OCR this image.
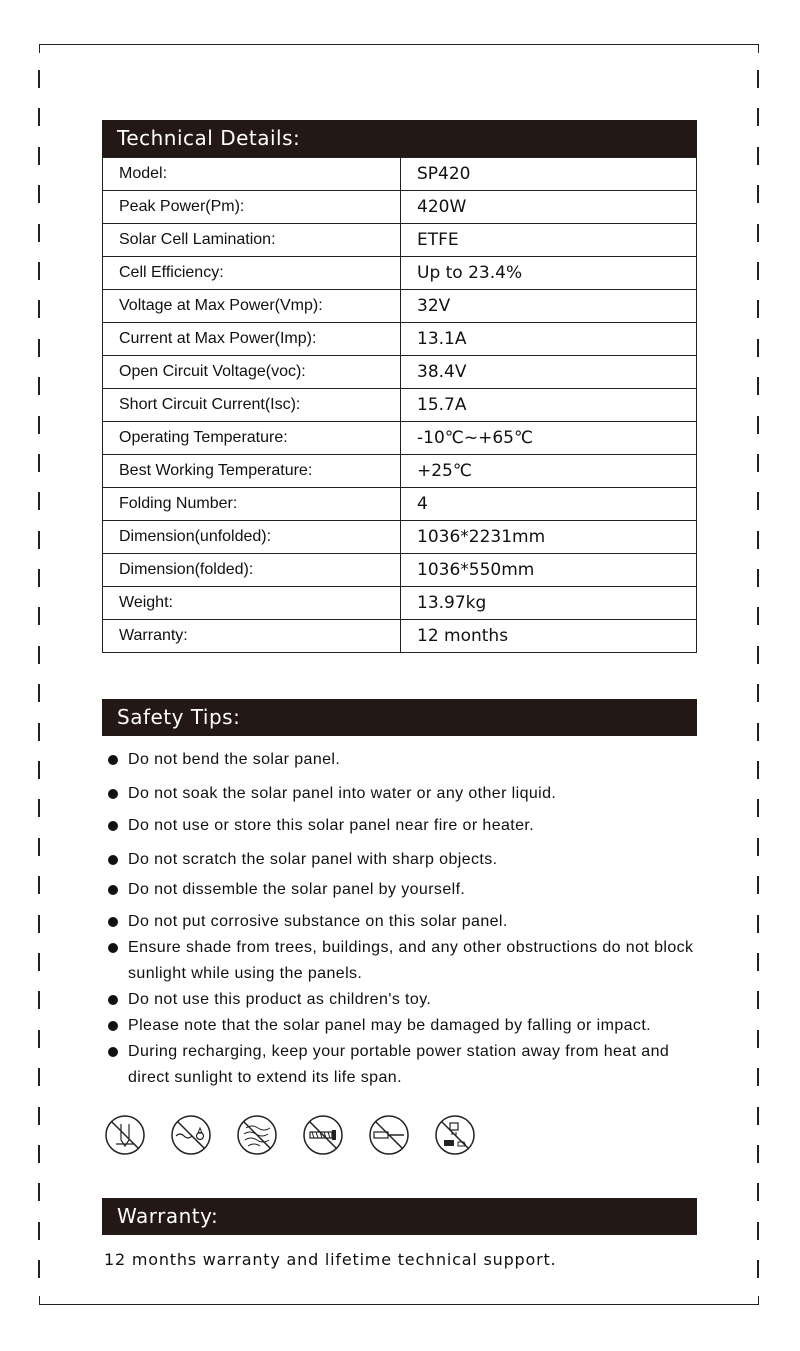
Technical Details:
Model:	SP420
Peak Power(Pm):	420W
Solar Cell Lamination:	ETFE
Cell Efficiency:	Up to 23.4%
Voltage at Max Power(Vmp):	32V
Current at Max Power(Imp):	13.1A
Open Circuit Voltage(voc):	38.4V
Short Circuit Current(Isc):	15.7A
Operating Temperature:	-10℃~+65℃
Best Working Temperature:	+25℃
Folding Number:	4
Dimension(unfolded):	1036*2231mm
Dimension(folded):	1036*550mm
Weight:	13.97kg
Warranty:	12 months
Safety Tips:
Do not bend the solar panel.
Do not soak the solar panel into water or any other liquid.
Do not use or store this solar panel near fire or heater.
Do not scratch the solar panel with sharp objects.
Do not dissemble the solar panel by yourself.
Do not put corrosive substance on this solar panel.
Ensure shade from trees, buildings, and any other obstructions do not block sunlight while using the panels.
Do not use this product as children's toy.
Please note that the solar panel may be damaged by falling or impact.
During recharging, keep your portable power station away from heat and direct sunlight to extend its life span.
Warranty:
12 months warranty and lifetime technical support.
